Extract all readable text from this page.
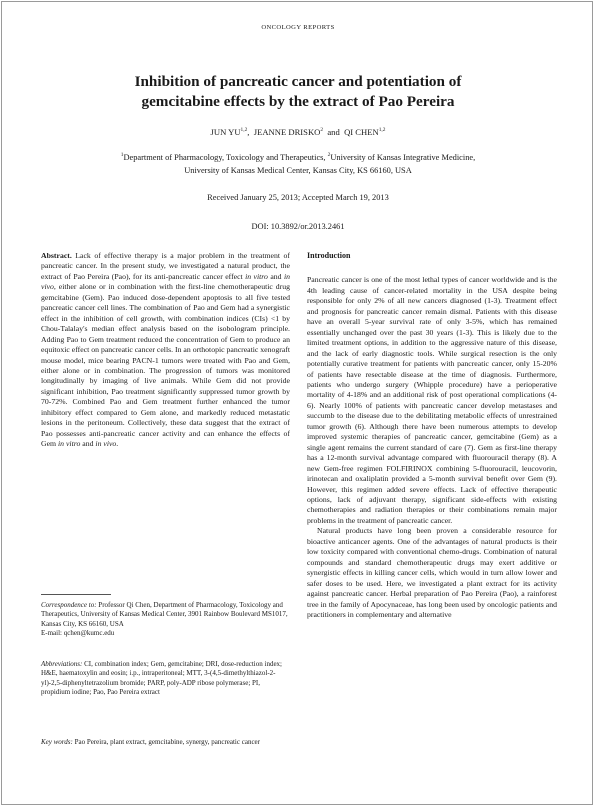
ONCOLOGY REPORTS
Inhibition of pancreatic cancer and potentiation of
gemcitabine effects by the extract of Pao Pereira
JUN YU$^{1,2}$,  JEANNE DRISKO$^2$ and QI CHEN$^{1,2}$
$^1$Department of Pharmacology, Toxicology and Therapeutics, $^2$University of Kansas Integrative Medicine,
University of Kansas Medical Center, Kansas City, KS 66160, USA
Received January 25, 2013; Accepted March 19, 2013
DOI: 10.3892/or.2013.2461

Abstract. Lack of effective therapy is a major problem in the treatment of pancreatic cancer. In the present study, we investigated a natural product, the extract of Pao Pereira (Pao), for its anti-pancreatic cancer effect in vitro and in vivo, either alone or in combination with the first-line chemotherapeutic drug gemcitabine (Gem). Pao induced dose-dependent apoptosis to all five tested pancreatic cancer cell lines. The combination of Pao and Gem had a synergistic effect in the inhibition of cell growth, with combination indices (CIs) <1 by Chou-Talalay's median effect analysis based on the isobologram principle. Adding Pao to Gem treatment reduced the concentration of Gem to produce an equitoxic effect on pancreatic cancer cells. In an orthotopic pancreatic xenograft mouse model, mice bearing PACN-1 tumors were treated with Pao and Gem, either alone or in combination. The progression of tumors was monitored longitudinally by imaging of live animals. While Gem did not provide significant inhibition, Pao treatment significantly suppressed tumor growth by 70-72%. Combined Pao and Gem treatment further enhanced the tumor inhibitory effect compared to Gem alone, and markedly reduced metastatic lesions in the peritoneum. Collectively, these data suggest that the extract of Pao possesses anti-pancreatic cancer activity and can enhance the effects of Gem in vitro and in vivo.

Correspondence to: Professor Qi Chen, Department of Pharmacology, Toxicology and Therapeutics, University of Kansas Medical Center, 3901 Rainbow Boulevard MS1017, Kansas City, KS 66160, USA
E-mail: qchen@kumc.edu
Abbreviations: CI, combination index; Gem, gemcitabine; DRI, dose-reduction index; H&E, haematoxylin and eosin; i.p., intraperitoneal; MTT, 3-(4,5-dimethylthiazol-2-yl)-2,5-diphenyltetrazolium bromide; PARP, poly-ADP ribose polymerase; PI, propidium iodine; Pao, Pao Pereira extract
Key words: Pao Pereira, plant extract, gemcitabine, synergy, pancreatic cancer

Introduction

Pancreatic cancer is one of the most lethal types of cancer worldwide and is the 4th leading cause of cancer-related mortality in the USA despite being responsible for only 2% of all new cancers diagnosed (1-3). Treatment effect and prognosis for pancreatic cancer remain dismal. Patients with this disease have an overall 5-year survival rate of only 3-5%, which has remained essentially unchanged over the past 30 years (1-3). This is likely due to the limited treatment options, in addition to the aggressive nature of this disease, and the lack of early diagnostic tools. While surgical resection is the only potentially curative treatment for patients with pancreatic cancer, only 15-20% of patients have resectable disease at the time of diagnosis. Furthermore, patients who undergo surgery (Whipple procedure) have a perioperative mortality of 4-18% and an additional risk of post operational complications (4-6). Nearly 100% of patients with pancreatic cancer develop metastases and succumb to the disease due to the debilitating metabolic effects of unrestrained tumor growth (6). Although there have been numerous attempts to develop improved systemic therapies of pancreatic cancer, gemcitabine (Gem) as a single agent remains the current standard of care (7). Gem as first-line therapy has a 12-month survival advantage compared with fluorouracil therapy (8). A new Gem-free regimen FOLFIRINOX combining 5-fluorouracil, leucovorin, irinotecan and oxaliplatin provided a 5-month survival benefit over Gem (9). However, this regimen added severe effects. Lack of effective therapeutic options, lack of adjuvant therapy, significant side-effects with existing chemotherapies and radiation therapies or their combinations remain major problems in the treatment of pancreatic cancer.

Natural products have long been proven a considerable resource for bioactive anticancer agents. One of the advantages of natural products is their low toxicity compared with conventional chemo-drugs. Combination of natural compounds and standard chemotherapeutic drugs may exert additive or synergistic effects in killing cancer cells, which would in turn allow lower and safer doses to be used. Here, we investigated a plant extract for its activity against pancreatic cancer. Herbal preparation of Pao Pereira (Pao), a rainforest tree in the family of Apocynaceae, has long been used by oncologic patients and practitioners in complementary and alternative
